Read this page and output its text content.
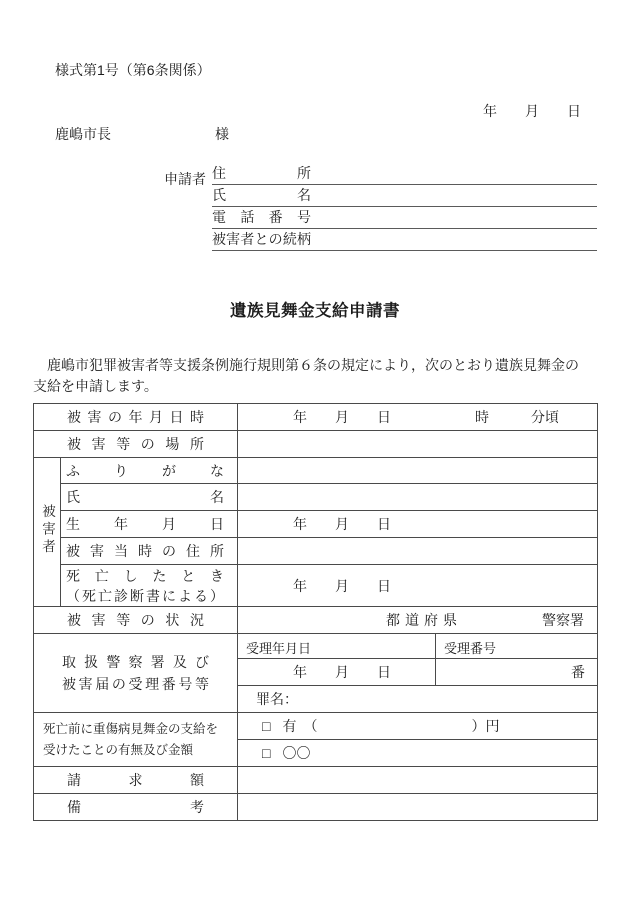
様式第1号（第6条関係）
年　　月　　日
鹿嶋市長	様
申請者 住所
氏名
電話番号
被害者との続柄
遺族見舞金支給申請書
　鹿嶋市犯罪被害者等支援条例施行規則第６条の規定により，次のとおり遺族見舞金の
支給を申請します。
被害の年月日時		年　　月　　日　　　　　　時　　　分頃	
被害等の場所			
被害者	ふりがな		
	氏名		
	生年月日	年　　月　　日	
	被害当時の住所		

	死亡したとき
（死亡診断書による）	年　　月　　日	
被害等の状況		都道府県 警察署	

取扱警察署及び
被害届の受理番号等		受理年月日	受理番号
		年　　月　　日	番
		罪名：	

死亡前に重傷病見舞金の支給を
受けたことの有無及び金額		□ 有　（　　　　　　　　　　　）円	
		□ 〇〇	
請求額			
備考			
